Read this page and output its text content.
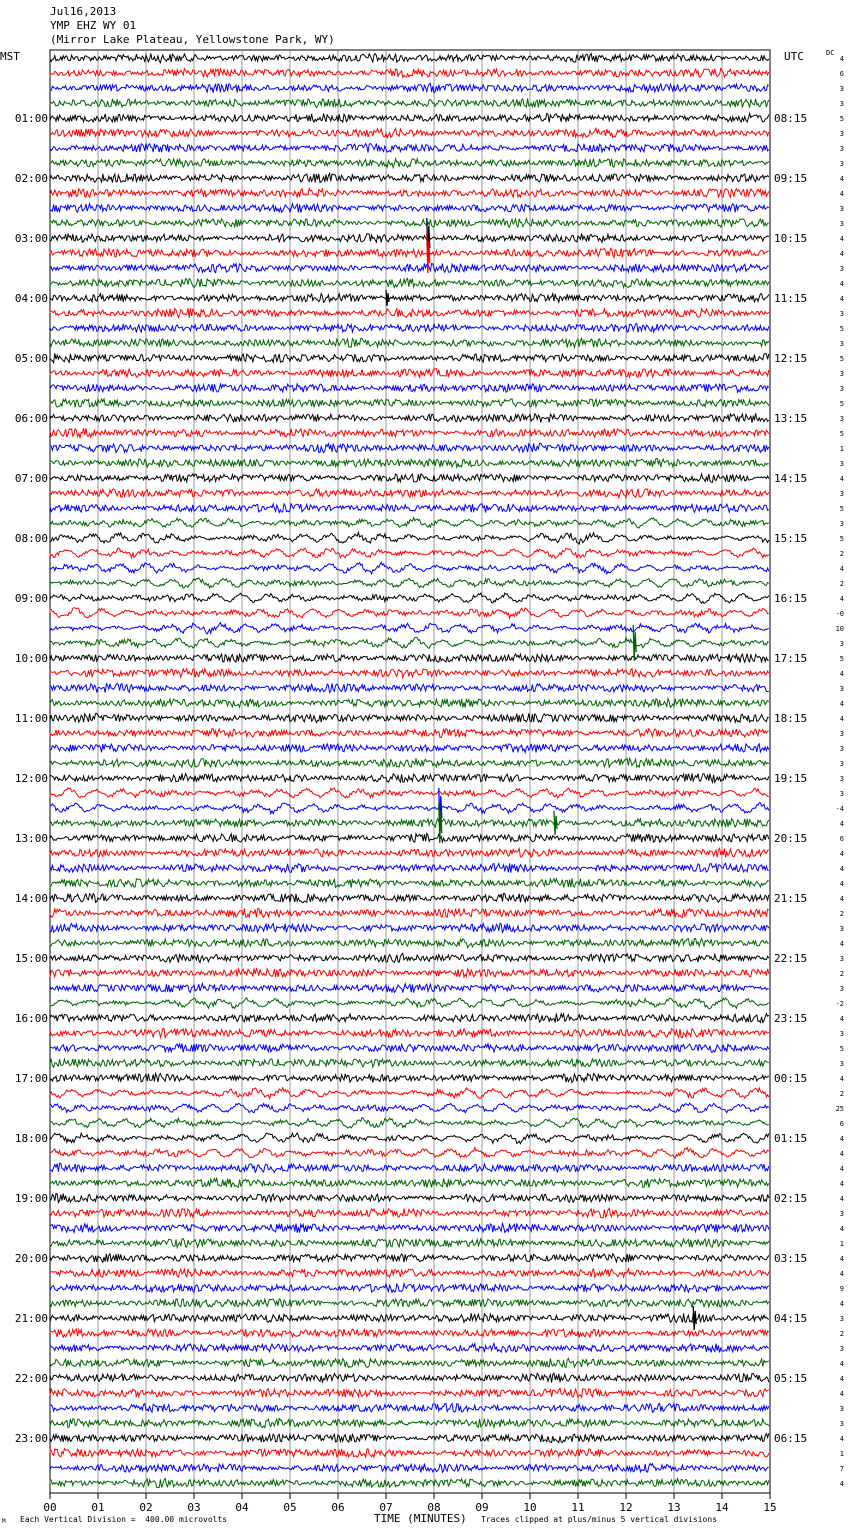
Jul16,2013
YMP EHZ WY 01
(Mirror Lake Plateau, Yellowstone Park, WY)
MST	UTC	DC
00	01	02	03	04	05	06	07	08	09	10	11	12	13	14	15
01:00
02:00
03:00
04:00
05:00
06:00
07:00
08:00
09:00
10:00
11:00
12:00
13:00
14:00
15:00
16:00
17:00
18:00
19:00
20:00
21:00
22:00
23:00
08:15
09:15
10:15
11:15
12:15
13:15
14:15
15:15
16:15
17:15
18:15
19:15
20:15
21:15
22:15
23:15
00:15
01:15
02:15
03:15
04:15
05:15
06:15
4
6
3
3
5
3
3
3
4
4
3
3
4
4
3
4
4
3
5
3
5
3
3
5
3
5
1
3
4
3
5
3
5
2
4
2
4
-0
10
3
5
4
3
4
4
3
3
3
3
3
-4
4
6
4
4
4
4
2
3
4
3
2
3
-2
4
3
5
3
4
2
25
6
4
4
4
4
4
3
4
1
4
4
9
4
3
2
3
4
4
4
3
3
4
1
7
4
M Each Vertical Division =  400.00 microvolts	TIME (MINUTES) Traces clipped at plus/minus 5 vertical divisions
